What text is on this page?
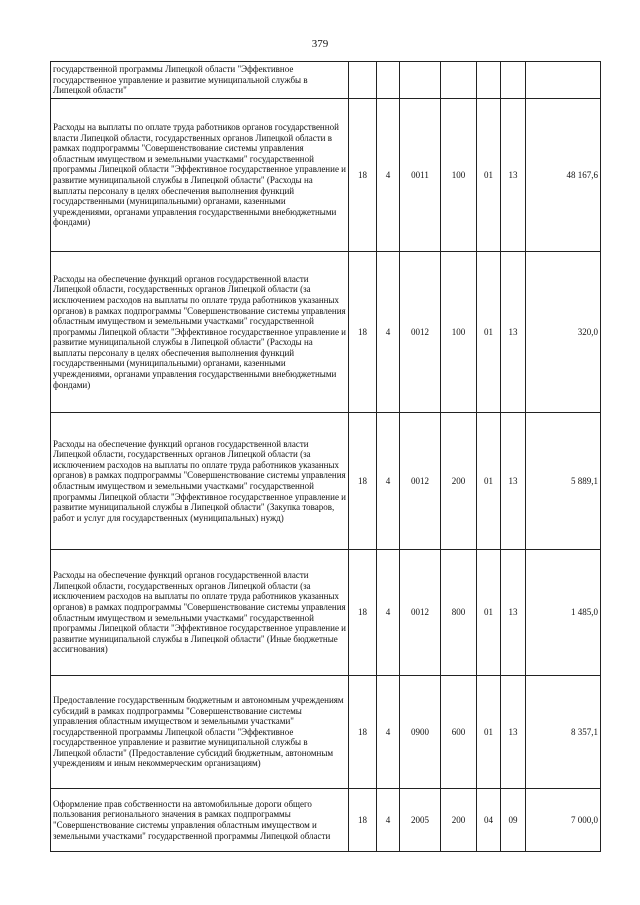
379
государственной программы Липецкой области "Эффективное государственное управление и развитие муниципальной службы в Липецкой области"							
Расходы на выплаты по оплате труда работников органов государственной власти Липецкой области, государственных органов Липецкой области в рамках подпрограммы "Совершенствование системы управления областным имуществом и земельными участками" государственной программы Липецкой области "Эффективное государственное управление и развитие муниципальной службы в Липецкой области" (Расходы на выплаты персоналу в целях обеспечения выполнения функций государственными (муниципальными) органами, казенными учреждениями, органами управления государственными внебюджетными фондами)	18	4	0011	100	01	13	48 167,6
Расходы на обеспечение функций органов государственной власти Липецкой области, государственных органов Липецкой области (за исключением расходов на выплаты по оплате труда работников указанных органов) в рамках подпрограммы "Совершенствование системы управления областным имуществом и земельными участками" государственной программы Липецкой области "Эффективное государственное управление и развитие муниципальной службы в Липецкой области" (Расходы на выплаты персоналу в целях обеспечения выполнения функций государственными (муниципальными) органами, казенными учреждениями, органами управления государственными внебюджетными фондами)	18	4	0012	100	01	13	320,0
Расходы на обеспечение функций органов государственной власти Липецкой области, государственных органов Липецкой области (за исключением расходов на выплаты по оплате труда работников указанных органов) в рамках подпрограммы "Совершенствование системы управления областным имуществом и земельными участками" государственной программы Липецкой области "Эффективное государственное управление и развитие муниципальной службы в Липецкой области" (Закупка товаров, работ и услуг для государственных (муниципальных) нужд)	18	4	0012	200	01	13	5 889,1
Расходы на обеспечение функций органов государственной власти Липецкой области, государственных органов Липецкой области (за исключением расходов на выплаты по оплате труда работников указанных органов) в рамках подпрограммы "Совершенствование системы управления областным имуществом и земельными участками" государственной программы Липецкой области "Эффективное государственное управление и развитие муниципальной службы в Липецкой области" (Иные бюджетные ассигнования)	18	4	0012	800	01	13	1 485,0
Предоставление государственным бюджетным и автономным учреждениям субсидий в рамках подпрограммы "Совершенствование системы управления областным имуществом и земельными участками" государственной программы Липецкой области "Эффективное государственное управление и развитие муниципальной службы в Липецкой области" (Предоставление субсидий бюджетным, автономным учреждениям и иным некоммерческим организациям)	18	4	0900	600	01	13	8 357,1
Оформление прав собственности на автомобильные дороги общего пользования регионального значения в рамках подпрограммы "Совершенствование системы управления областным имуществом и земельными участками" государственной программы Липецкой области	18	4	2005	200	04	09	7 000,0
